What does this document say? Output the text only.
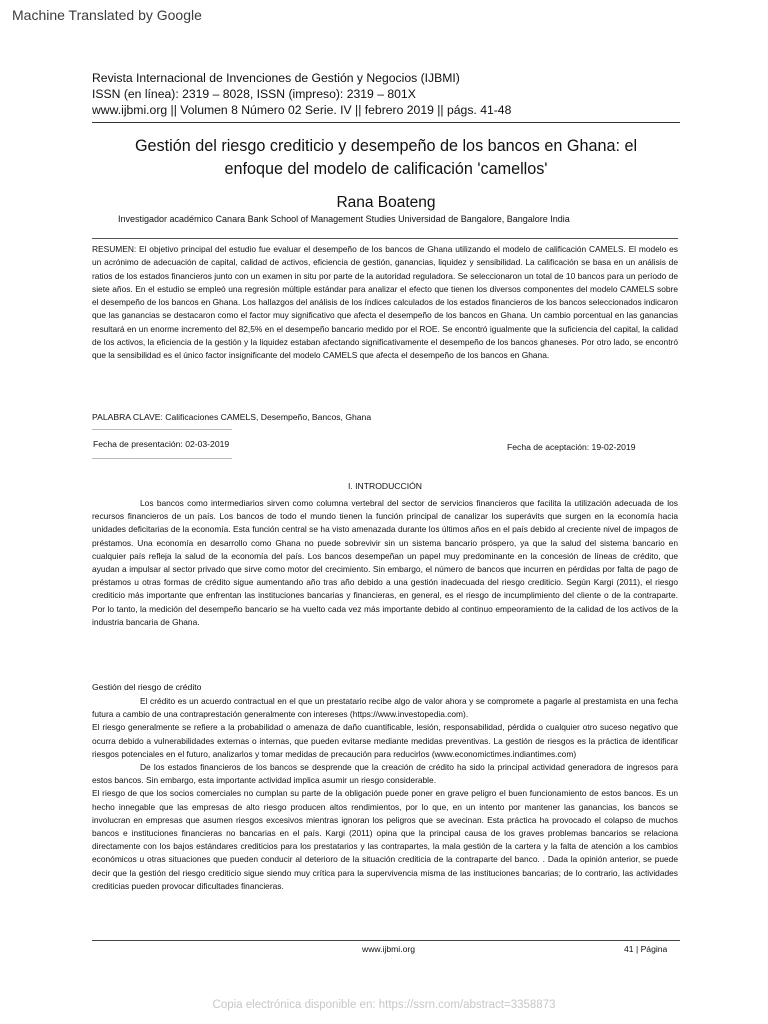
Machine Translated by Google
Revista Internacional de Invenciones de Gestión y Negocios (IJBMI)
ISSN (en línea): 2319 – 8028, ISSN (impreso): 2319 – 801X
www.ijbmi.org || Volumen 8 Número 02 Serie. IV || febrero 2019 || págs. 41-48
Gestión del riesgo crediticio y desempeño de los bancos en Ghana: el
enfoque del modelo de calificación 'camellos'
Rana Boateng
Investigador académico Canara Bank School of Management Studies Universidad de Bangalore, Bangalore India
RESUMEN: El objetivo principal del estudio fue evaluar el desempeño de los bancos de Ghana utilizando el modelo de calificación CAMELS. El modelo es un acrónimo de adecuación de capital, calidad de activos, eficiencia de gestión, ganancias, liquidez y sensibilidad. La calificación se basa en un análisis de ratios de los estados financieros junto con un examen in situ por parte de la autoridad reguladora. Se seleccionaron un total de 10 bancos para un período de siete años. En el estudio se empleó una regresión múltiple estándar para analizar el efecto que tienen los diversos componentes del modelo CAMELS sobre el desempeño de los bancos en Ghana. Los hallazgos del análisis de los índices calculados de los estados financieros de los bancos seleccionados indicaron que las ganancias se destacaron como el factor muy significativo que afecta el desempeño de los bancos en Ghana. Un cambio porcentual en las ganancias resultará en un enorme incremento del 82,5% en el desempeño bancario medido por el ROE. Se encontró igualmente que la suficiencia del capital, la calidad de los activos, la eficiencia de la gestión y la liquidez estaban afectando significativamente el desempeño de los bancos ghaneses. Por otro lado, se encontró que la sensibilidad es el único factor insignificante del modelo CAMELS que afecta el desempeño de los bancos en Ghana.
PALABRA CLAVE: Calificaciones CAMELS, Desempeño, Bancos, Ghana
Fecha de presentación: 02-03-2019	Fecha de aceptación: 19-02-2019
I. INTRODUCCIÓN

Los bancos como intermediarios sirven como columna vertebral del sector de servicios financieros que facilita la utilización adecuada de los recursos financieros de un país. Los bancos de todo el mundo tienen la función principal de canalizar los superávits que surgen en la economía hacia unidades deficitarias de la economía. Esta función central se ha visto amenazada durante los últimos años en el país debido al creciente nivel de impagos de préstamos. Una economía en desarrollo como Ghana no puede sobrevivir sin un sistema bancario próspero, ya que la salud del sistema bancario en cualquier país refleja la salud de la economía del país. Los bancos desempeñan un papel muy predominante en la concesión de líneas de crédito, que ayudan a impulsar al sector privado que sirve como motor del crecimiento. Sin embargo, el número de bancos que incurren en pérdidas por falta de pago de préstamos u otras formas de crédito sigue aumentando año tras año debido a una gestión inadecuada del riesgo crediticio. Según Kargi (2011), el riesgo crediticio más importante que enfrentan las instituciones bancarias y financieras, en general, es el riesgo de incumplimiento del cliente o de la contraparte. Por lo tanto, la medición del desempeño bancario se ha vuelto cada vez más importante debido al continuo empeoramiento de la calidad de los activos de la industria bancaria de Ghana.

Gestión del riesgo de crédito

El crédito es un acuerdo contractual en el que un prestatario recibe algo de valor ahora y se compromete a pagarle al prestamista en una fecha futura a cambio de una contraprestación generalmente con intereses (https://www.investopedia.com).

El riesgo generalmente se refiere a la probabilidad o amenaza de daño cuantificable, lesión, responsabilidad, pérdida o cualquier otro suceso negativo que ocurra debido a vulnerabilidades externas o internas, que pueden evitarse mediante medidas preventivas. La gestión de riesgos es la práctica de identificar riesgos potenciales en el futuro, analizarlos y tomar medidas de precaución para reducirlos (www.economictimes.indiantimes.com)

De los estados financieros de los bancos se desprende que la creación de crédito ha sido la principal actividad generadora de ingresos para estos bancos. Sin embargo, esta importante actividad implica asumir un riesgo considerable.

El riesgo de que los socios comerciales no cumplan su parte de la obligación puede poner en grave peligro el buen funcionamiento de estos bancos. Es un hecho innegable que las empresas de alto riesgo producen altos rendimientos, por lo que, en un intento por mantener las ganancias, los bancos se involucran en empresas que asumen riesgos excesivos mientras ignoran los peligros que se avecinan. Esta práctica ha provocado el colapso de muchos bancos e instituciones financieras no bancarias en el país. Kargi (2011) opina que la principal causa de los graves problemas bancarios se relaciona directamente con los bajos estándares crediticios para los prestatarios y las contrapartes, la mala gestión de la cartera y la falta de atención a los cambios económicos u otras situaciones que pueden conducir al deterioro de la situación crediticia de la contraparte del banco. . Dada la opinión anterior, se puede decir que la gestión del riesgo crediticio sigue siendo muy crítica para la supervivencia misma de las instituciones bancarias; de lo contrario, las actividades crediticias pueden provocar dificultades financieras.

www.ijbmi.org	41 | Página
Copia electrónica disponible en: https://ssrn.com/abstract=3358873
